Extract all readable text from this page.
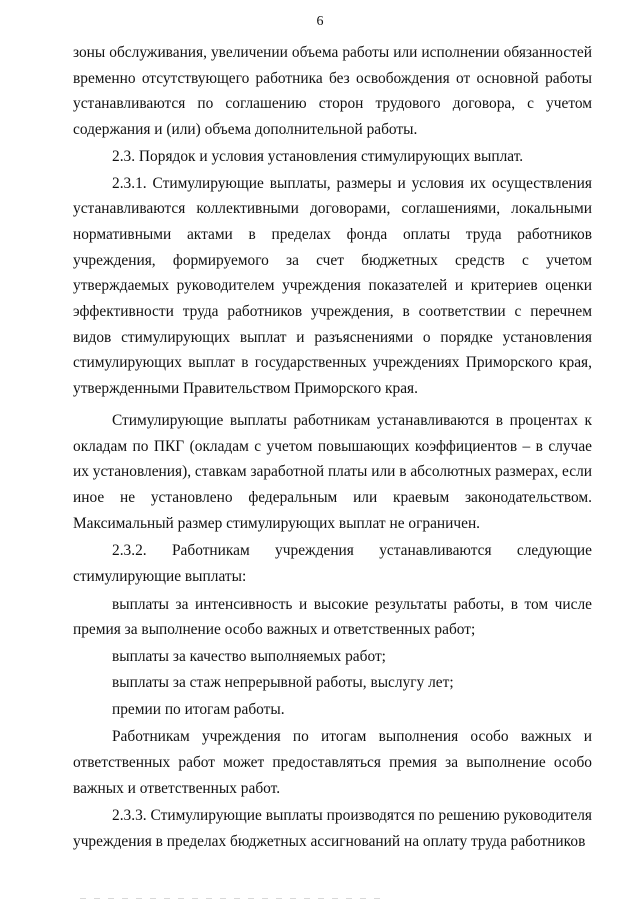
6

зоны обслуживания, увеличении объема работы или исполнении обязанностей временно отсутствующего работника без освобождения от основной работы устанавливаются по соглашению сторон трудового договора, с учетом содержания и (или) объема дополнительной работы.

2.3. Порядок и условия установления стимулирующих выплат.

2.3.1. Стимулирующие выплаты, размеры и условия их осуществления устанавливаются коллективными договорами, соглашениями, локальными нормативными актами в пределах фонда оплаты труда работников учреждения, формируемого за счет бюджетных средств с учетом утверждаемых руководителем учреждения показателей и критериев оценки эффективности труда работников учреждения, в соответствии с перечнем видов стимулирующих выплат и разъяснениями о порядке установления стимулирующих выплат в государственных учреждениях Приморского края, утвержденными Правительством Приморского края.

Стимулирующие выплаты работникам устанавливаются в процентах к окладам по ПКГ (окладам с учетом повышающих коэффициентов – в случае их установления), ставкам заработной платы или в абсолютных размерах, если иное не установлено федеральным или краевым законодательством. Максимальный размер стимулирующих выплат не ограничен.

2.3.2. Работникам учреждения устанавливаются следующие стимулирующие выплаты:

выплаты за интенсивность и высокие результаты работы, в том числе премия за выполнение особо важных и ответственных работ;

выплаты за качество выполняемых работ;

выплаты за стаж непрерывной работы, выслугу лет;

премии по итогам работы.

Работникам учреждения по итогам выполнения особо важных и ответственных работ может предоставляться премия за выполнение особо важных и ответственных работ.

2.3.3. Стимулирующие выплаты производятся по решению руководителя учреждения в пределах бюджетных ассигнований на оплату труда работников
